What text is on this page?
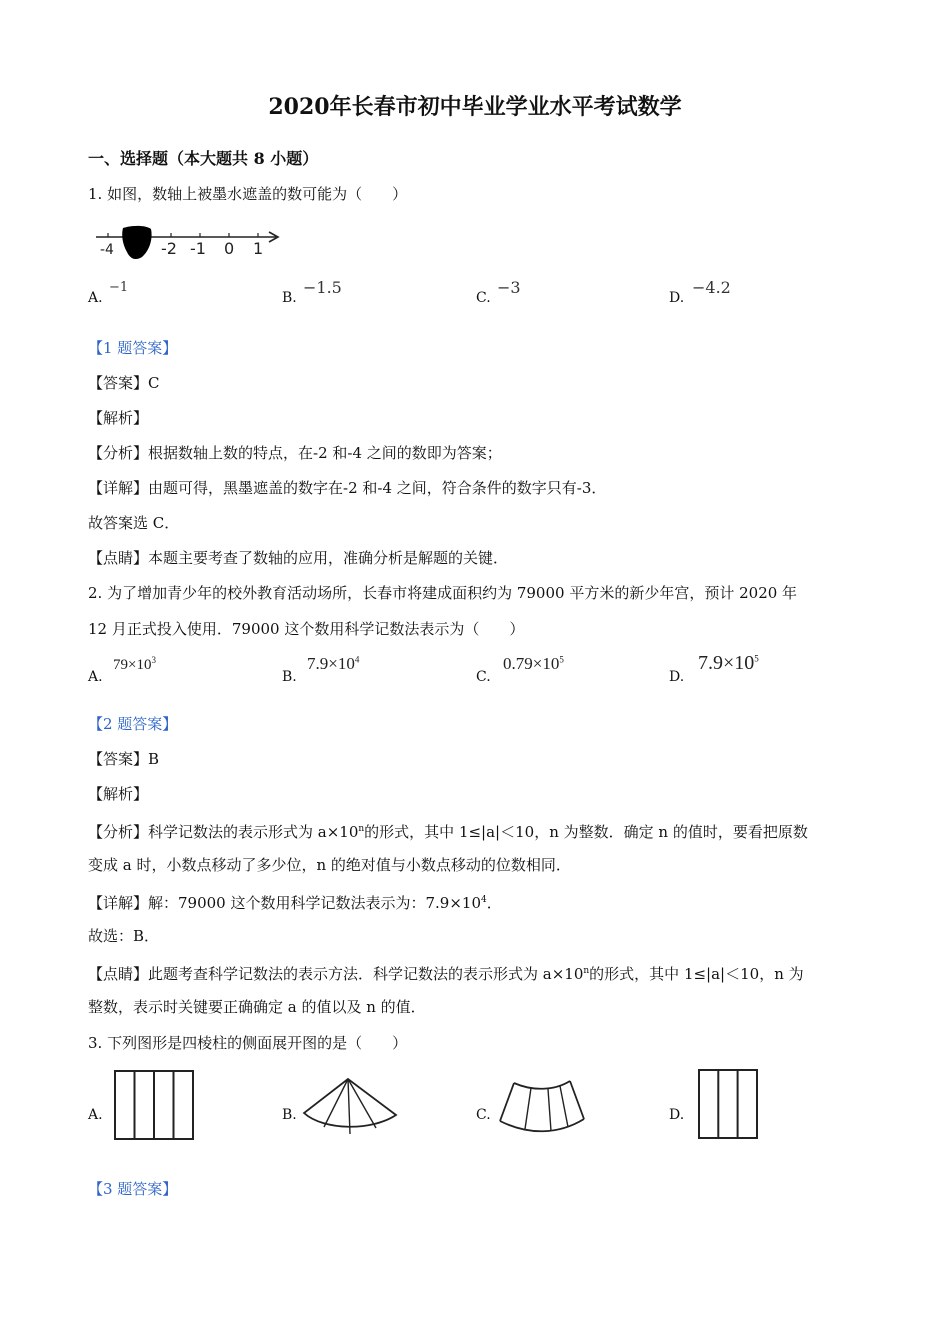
2020年长春市初中毕业学业水平考试数学
一、选择题（本大题共 8 小题）
1. 如图，数轴上被墨水遮盖的数可能为（　　）
-4	-2 -1 0 1
A.
−1
B.
−1.5
C.
−3
D.
−4.2
【1 题答案】
【答案】C
【解析】
【分析】根据数轴上数的特点，在-2 和-4 之间的数即为答案；
【详解】由题可得，黑墨遮盖的数字在-2 和-4 之间，符合条件的数字只有-3．
故答案选 C．
【点睛】本题主要考查了数轴的应用，准确分析是解题的关键．
2. 为了增加青少年的校外教育活动场所，长春市将建成面积约为 79000 平方米的新少年宫，预计 2020 年
12 月正式投入使用．79000 这个数用科学记数法表示为（　　）
A.
$79\times 10^3$
B.
$7.9\times 10^4$
C.
$0.79\times 10^5$
D.
$7.9\times 10^5$
【2 题答案】
【答案】B
【解析】
【分析】科学记数法的表示形式为 $a\times 10^n$的形式，其中 1≤|a|＜10，n 为整数．确定 n 的值时，要看把原数
变成 a 时，小数点移动了多少位，n 的绝对值与小数点移动的位数相同．
【详解】解：79000 这个数用科学记数法表示为：$7.9\times 10^4$．
故选：B．
【点睛】此题考查科学记数法的表示方法．科学记数法的表示形式为 $a\times 10^n$的形式，其中 1≤|a|＜10，n 为
整数，表示时关键要正确确定 a 的值以及 n 的值．
3. 下列图形是四棱柱的侧面展开图的是（　　）
A.	B.	C.	D.
【3 题答案】
